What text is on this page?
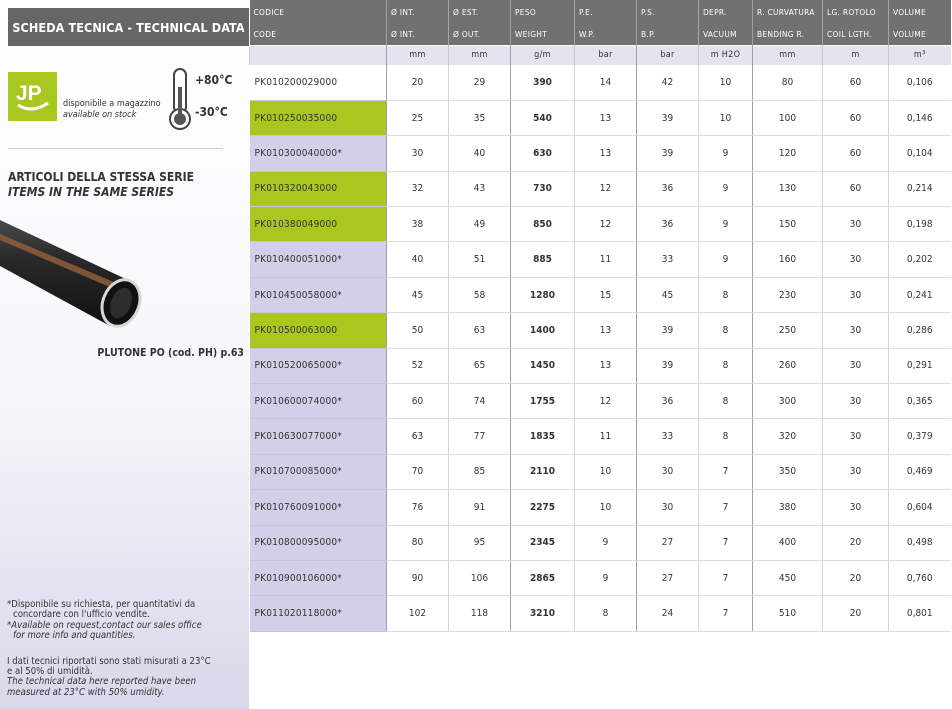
SCHEDA TECNICA - TECHNICAL DATA
JP disponibile a magazzino
available on stock
+80°C
-30°C
ARTICOLI DELLA STESSA SERIE
ITEMS IN THE SAME SERIES
PLUTONE PO (cod. PH) p.63
*Disponibile su richiesta, per quantitativi da
concordare con l'ufficio vendite.
*Available on request,contact our sales office
for more info and quantities.
I dati tecnici riportati sono stati misurati a 23°C
e al 50% di umidità.
The technical data here reported have been
measured at 23°C with 50% umidity.
CODICE	Ø INT.	Ø EST.	PESO	P.E.	P.S.	DEPR.	R. CURVATURA	LG. ROTOLO	VOLUME
CODE	Ø INT.	Ø OUT.	WEIGHT	W.P.	B.P.	VACUUM	BENDING R.	COIL LGTH.	VOLUME
	mm	mm	g/m	bar	bar	m H2O	mm	m	m³
PK010200029000	20	29	390	14	42	10	80	60	0,106
PK010250035000	25	35	540	13	39	10	100	60	0,146
PK010300040000*	30	40	630	13	39	9	120	60	0,104
PK010320043000	32	43	730	12	36	9	130	60	0,214
PK010380049000	38	49	850	12	36	9	150	30	0,198
PK010400051000*	40	51	885	11	33	9	160	30	0,202
PK010450058000*	45	58	1280	15	45	8	230	30	0,241
PK010500063000	50	63	1400	13	39	8	250	30	0,286
PK010520065000*	52	65	1450	13	39	8	260	30	0,291
PK010600074000*	60	74	1755	12	36	8	300	30	0,365
PK010630077000*	63	77	1835	11	33	8	320	30	0,379
PK010700085000*	70	85	2110	10	30	7	350	30	0,469
PK010760091000*	76	91	2275	10	30	7	380	30	0,604
PK010800095000*	80	95	2345	9	27	7	400	20	0,498
PK010900106000*	90	106	2865	9	27	7	450	20	0,760
PK011020118000*	102	118	3210	8	24	7	510	20	0,801
